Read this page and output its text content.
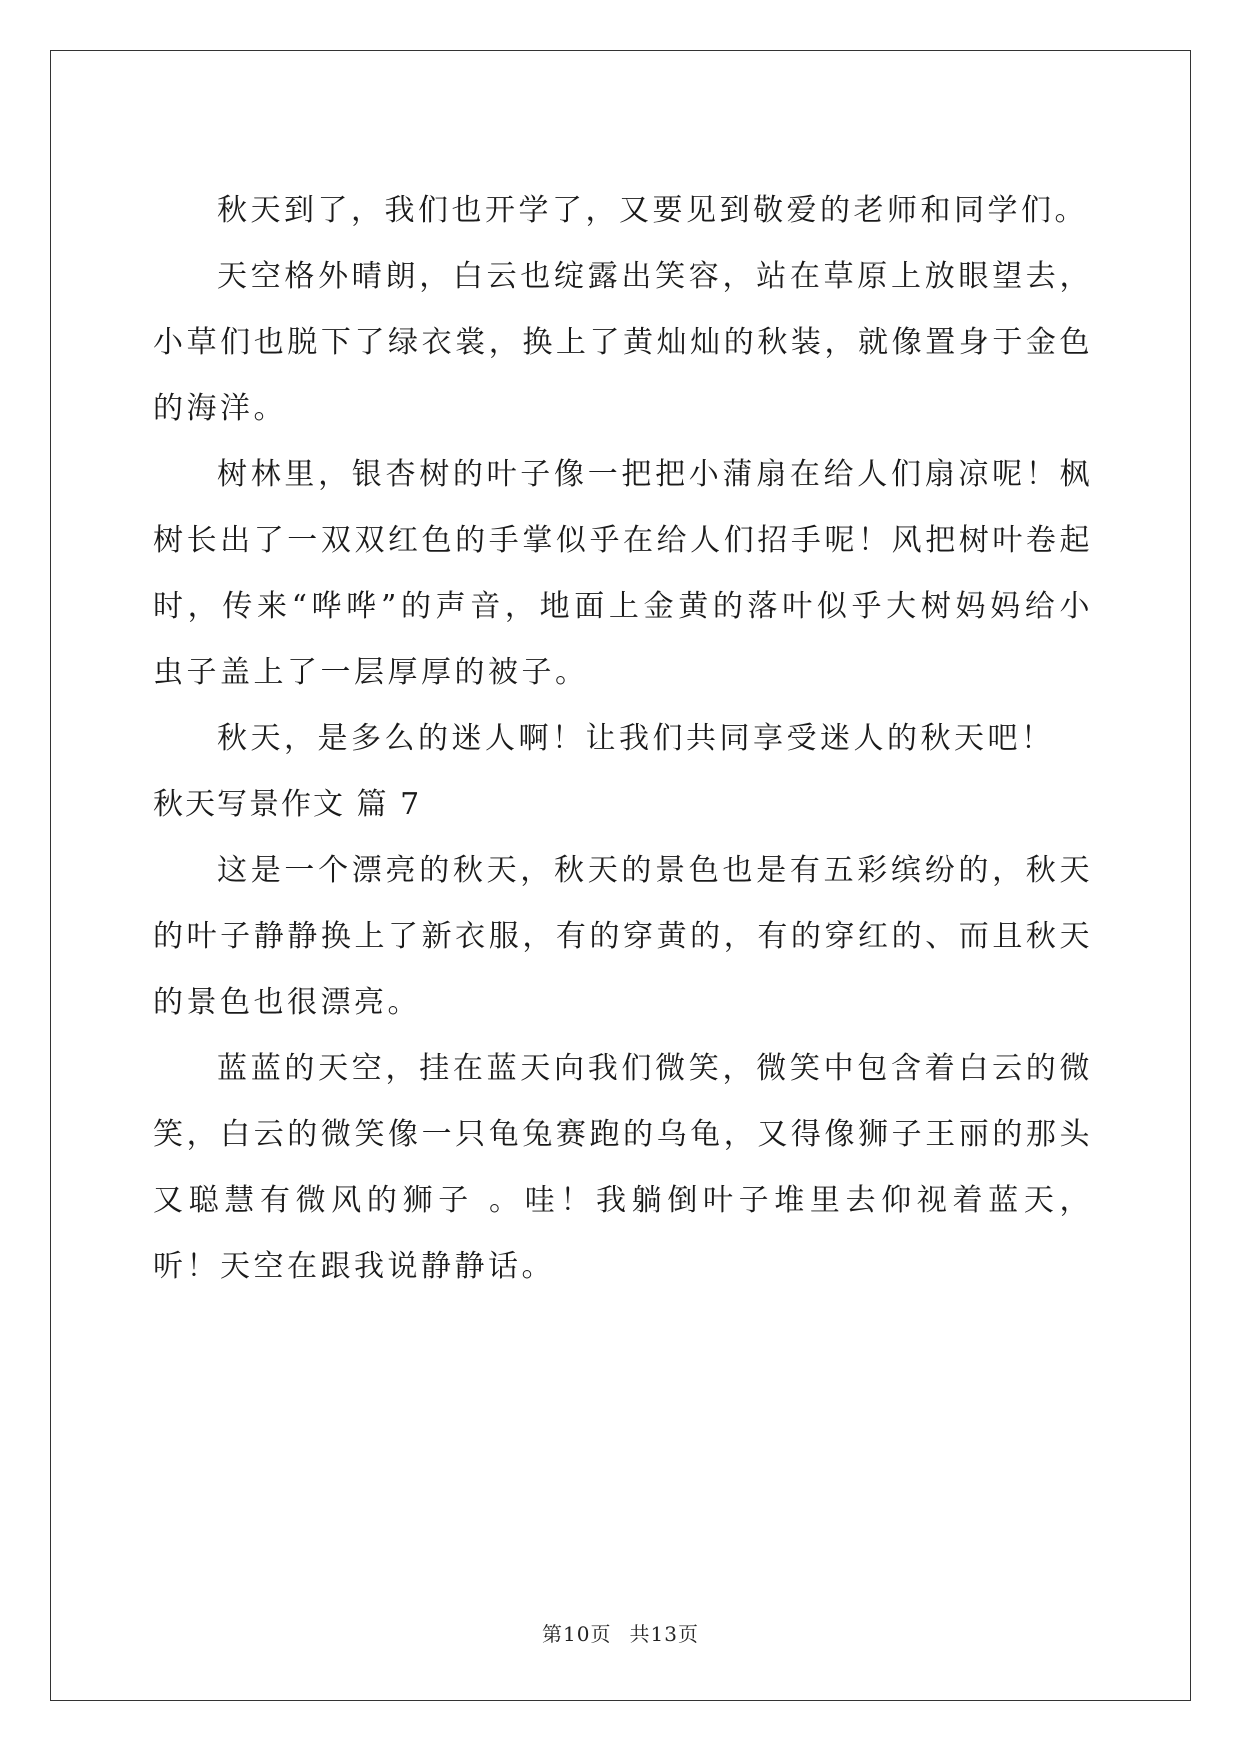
秋天到了，我们也开学了，又要见到敬爱的老师和同学们。

天空格外晴朗，白云也绽露出笑容，站在草原上放眼望去，小草们也脱下了绿衣裳，换上了黄灿灿的秋装，就像置身于金色的海洋。

树林里，银杏树的叶子像一把把小蒲扇在给人们扇凉呢！枫树长出了一双双红色的手掌似乎在给人们招手呢！风把树叶卷起时，传来“哗哗”的声音，地面上金黄的落叶似乎大树妈妈给小虫子盖上了一层厚厚的被子。

秋天，是多么的迷人啊！让我们共同享受迷人的秋天吧！

秋天写景作文 篇 7

这是一个漂亮的秋天，秋天的景色也是有五彩缤纷的，秋天的叶子静静换上了新衣服，有的穿黄的，有的穿红的、而且秋天的景色也很漂亮。

蓝蓝的天空，挂在蓝天向我们微笑，微笑中包含着白云的微笑，白云的微笑像一只龟兔赛跑的乌龟，又得像狮子王丽的那头又聪慧有微风的狮子 。哇！我躺倒叶子堆里去仰视着蓝天，听！天空在跟我说静静话。

第10页 共13页
